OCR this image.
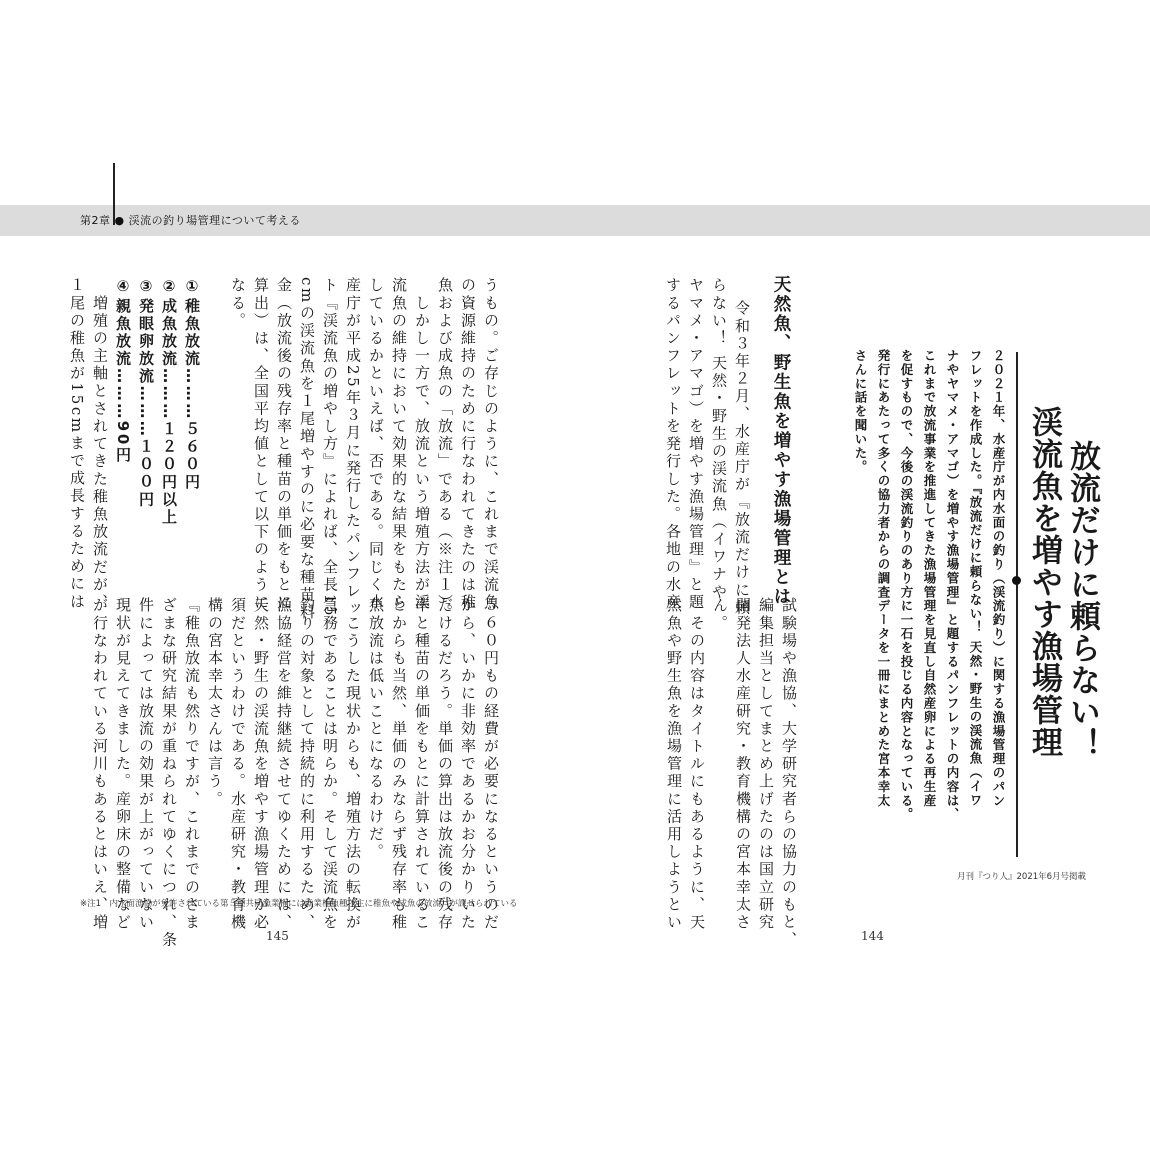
第2章 ● 渓流の釣り場管理について考える
放流だけに頼らない！
渓流魚を増やす漁場管理
２０２１年、水産庁が内水面の釣り（渓流釣り）に関する漁場管理のパン
フレットを作成した。『放流だけに頼らない！ 天然・野生の渓流魚（イワ
ナやヤマメ・アマゴ）を増やす漁場管理』と題するパンフレットの内容は、
これまで放流事業を推進してきた漁場管理を見直し自然産卵による再生産
を促すもので、今後の渓流釣りのあり方に一石を投じる内容となっている。
発行にあたって多くの協力者からの調査データを一冊にまとめた宮本幸太
さんに話を聞いた。
天然魚、野生魚を増やす漁場管理とは
令和３年２月、水産庁が『放流だけに頼
らない！ 天然・野生の渓流魚（イワナや
ヤマメ・アマゴ）を増やす漁場管理』と題
するパンフレットを発行した。各地の水産
試験場や漁協、大学研究者らの協力のもと、
編集担当としてまとめ上げたのは国立研究
開発法人水産研究・教育機構の宮本幸太さ
ん。
　その内容はタイトルにもあるように、天
然魚や野生魚を漁場管理に活用しようとい	月刊『つり人』2021年6月号掲載
144
うもの。ご存じのように、これまで渓流魚
の資源維持のために行なわれてきたのは稚
魚および成魚の「放流」である（※注１）。
　しかし一方で、放流という増殖方法が渓
流魚の維持において効果的な結果をもたら
しているかといえば、否である。同じく水
産庁が平成25年３月に発行したパンフレッ
ト『渓流魚の増やし方』によれば、全長15
cmの渓流魚を１尾増やすのに必要な種苗料
金（放流後の残存率と種苗の単価をもとに
算出）は、全国平均値として以下のように
なる。
①稚魚放流………５６０円
②成魚放流………１２０円以上
③発眼卵放流………１００円
④親魚放流………90円
　増殖の主軸とされてきた稚魚放流だが、
１尾の稚魚が15cmまで成長するためには
５６０円もの経費が必要になるというのだ
から、いかに非効率であるかお分かりいた
だけるだろう。単価の算出は放流後の残存
率と種苗の単価をもとに計算されているこ
とからも当然、単価のみならず残存率も稚
魚放流は低いことになるわけだ。
　こうした現状からも、増殖方法の転換が
急務であることは明らか。そして渓流魚を
釣りの対象として持続的に利用するため、
漁協経営を維持継続させてゆくためには、
天然・野生の渓流魚を増やす漁場管理が必
須だというわけである。水産研究・教育機
構の宮本幸太さんは言う。
『稚魚放流も然りですが、これまでのさま
ざまな研究結果が重ねられてゆくにつれ、条
件によっては放流の効果が上がっていない
現状が見えてきました。産卵床の整備など
が行なわれている河川もあるとはいえ、増
※注1　内水面漁協が免許されている第５種共同漁業権には漁業権魚種（主に稚魚や成魚の放流）が課せられている
145
